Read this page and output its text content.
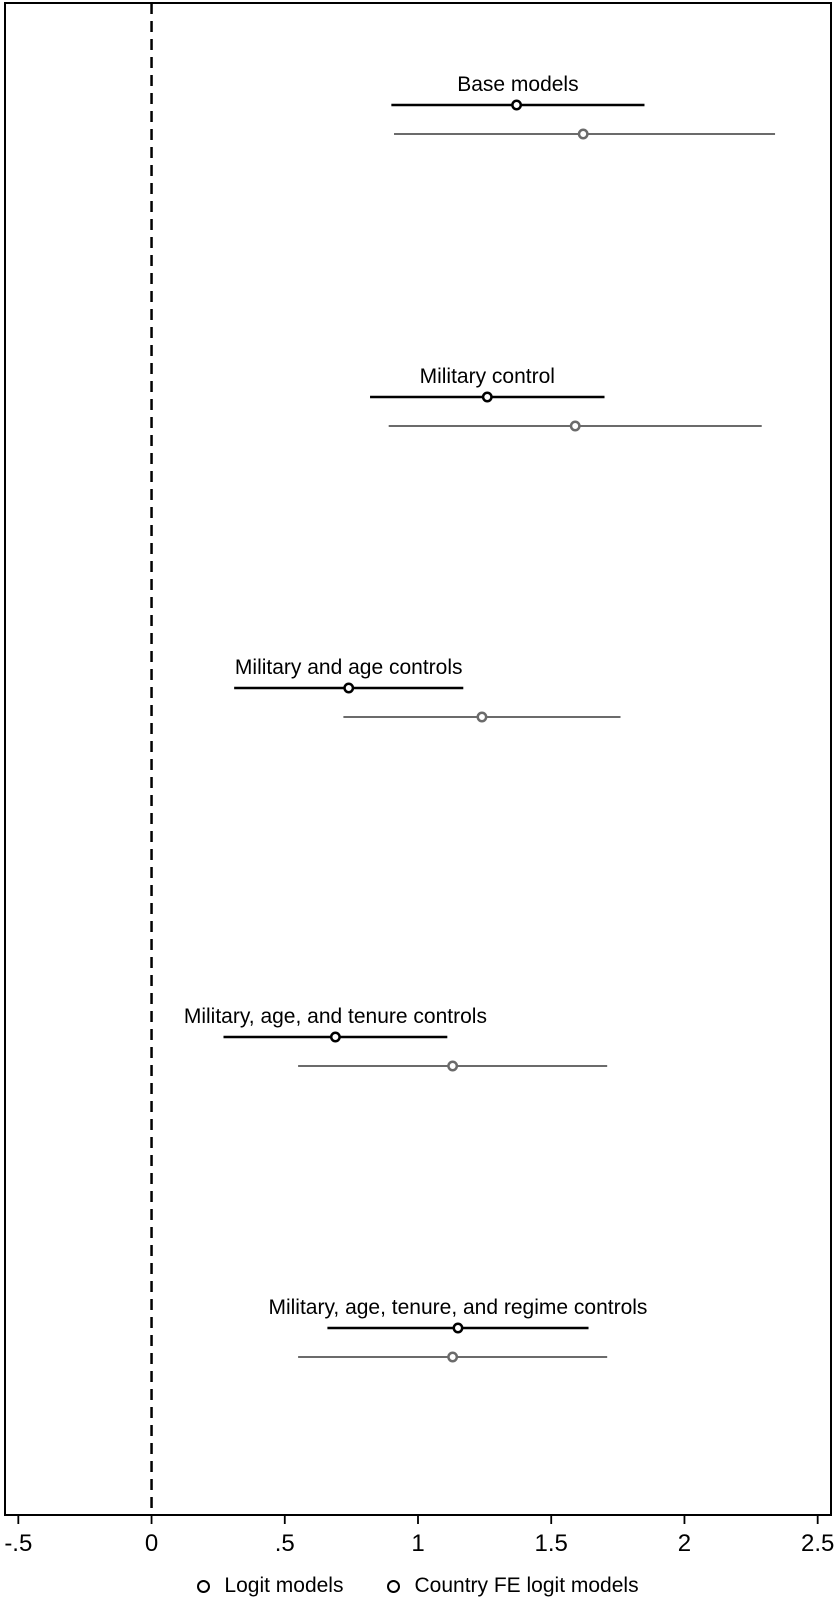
-.5	0	.5	1	1.5	2	2.5
Base models
Military control
Military and age controls
Military, age, and tenure controls
Military, age, tenure, and regime controls
Logit models	Country FE logit models
